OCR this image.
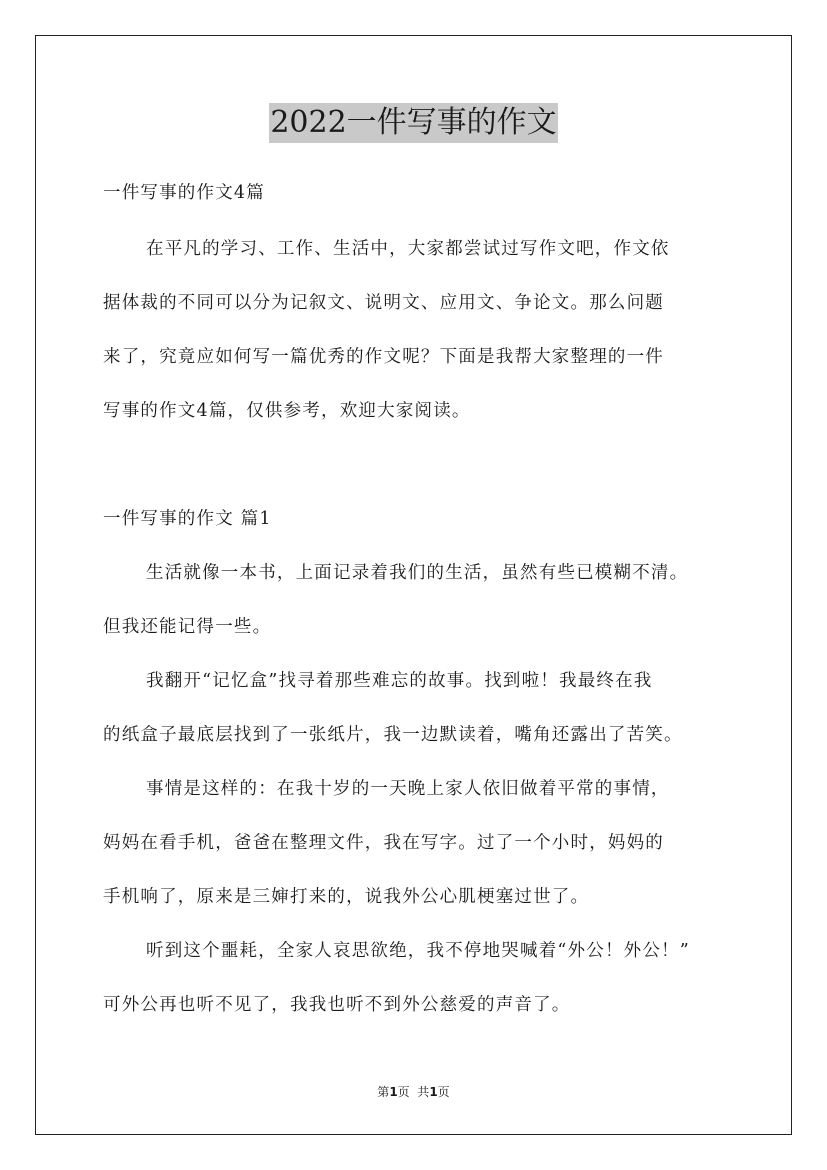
2022一件写事的作文
一件写事的作文4篇
在平凡的学习、工作、生活中，大家都尝试过写作文吧，作文依
据体裁的不同可以分为记叙文、说明文、应用文、争论文。那么问题
来了，究竟应如何写一篇优秀的作文呢？下面是我帮大家整理的一件
写事的作文4篇，仅供参考，欢迎大家阅读。
一件写事的作文 篇1
生活就像一本书，上面记录着我们的生活，虽然有些已模糊不清。
但我还能记得一些。
我翻开“记忆盒”找寻着那些难忘的故事。找到啦！我最终在我
的纸盒子最底层找到了一张纸片，我一边默读着，嘴角还露出了苦笑。
事情是这样的：在我十岁的一天晚上家人依旧做着平常的事情，
妈妈在看手机，爸爸在整理文件，我在写字。过了一个小时，妈妈的
手机响了，原来是三婶打来的，说我外公心肌梗塞过世了。
听到这个噩耗，全家人哀思欲绝，我不停地哭喊着“外公！外公！”
可外公再也听不见了，我我也听不到外公慈爱的声音了。
第1页  共1页
